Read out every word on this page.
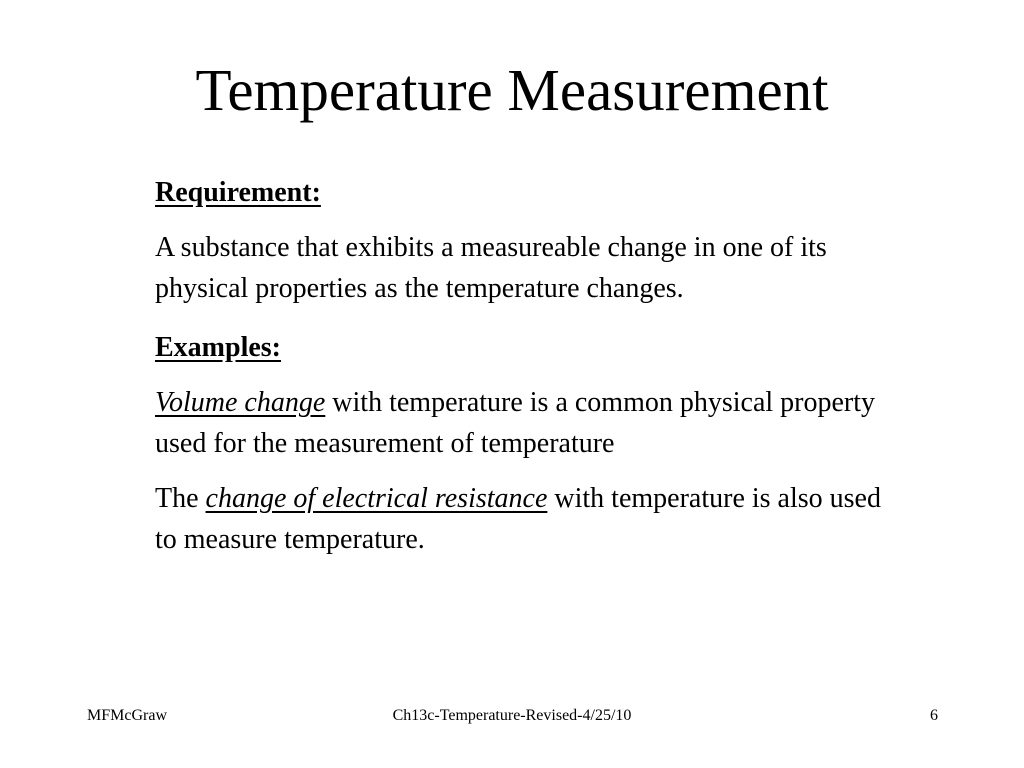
Temperature Measurement

Requirement:

A substance that exhibits a measureable change in one of its physical properties as the temperature changes.

Examples:

Volume change with temperature is a common physical property used for the measurement of temperature

The change of electrical resistance with temperature is also used to measure temperature.

MFMcGraw	Ch13c-Temperature-Revised-4/25/10	6
